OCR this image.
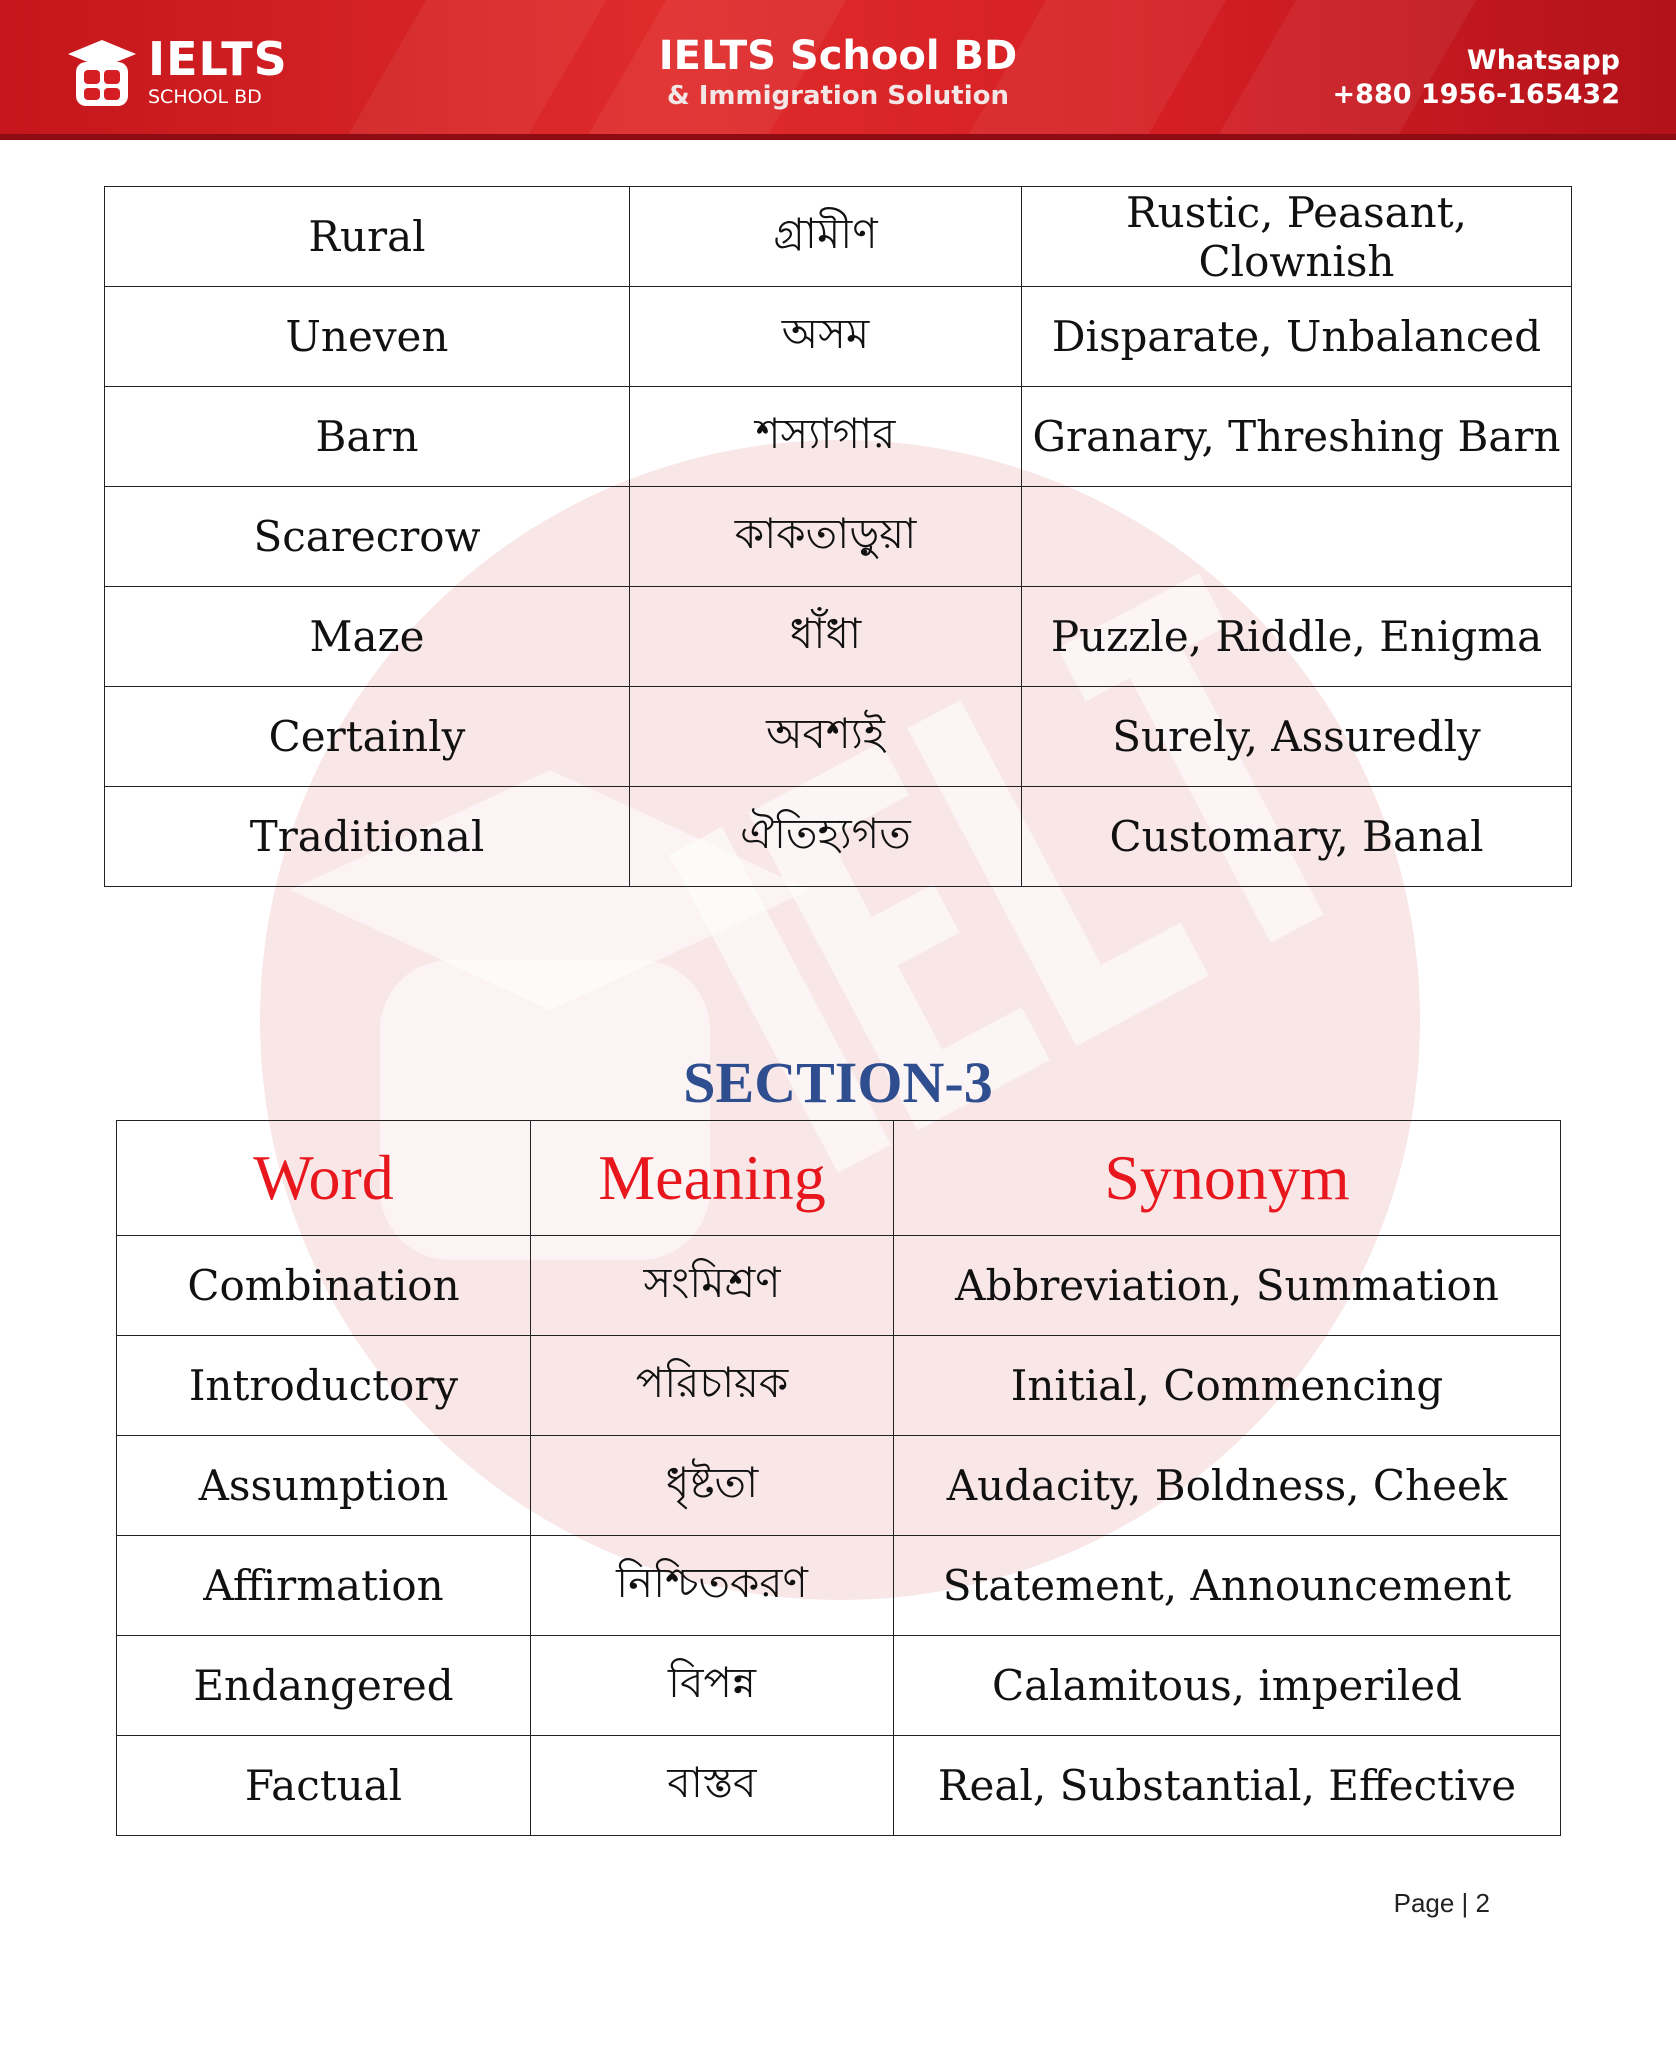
IELTS
SCHOOL BD
IELTS School BD
& Immigration Solution
Whatsapp
+880 1956-165432
Rural	গ্রামীণ	Rustic, Peasant, Clownish
Uneven	অসম	Disparate, Unbalanced
Barn	শস্যাগার	Granary, Threshing Barn
Scarecrow	কাকতাড়ুয়া	
Maze	ধাঁধা	Puzzle, Riddle, Enigma
Certainly	অবশ্যই	Surely, Assuredly
Traditional	ঐতিহ্যগত	Customary, Banal
SECTION-3
Word	Meaning	Synonym
Combination	সংমিশ্রণ	Abbreviation, Summation
Introductory	পরিচায়ক	Initial, Commencing
Assumption	ধৃষ্টতা	Audacity, Boldness, Cheek
Affirmation	নিশ্চিতকরণ	Statement, Announcement
Endangered	বিপন্ন	Calamitous, imperiled
Factual	বাস্তব	Real, Substantial, Effective
Page | 2
